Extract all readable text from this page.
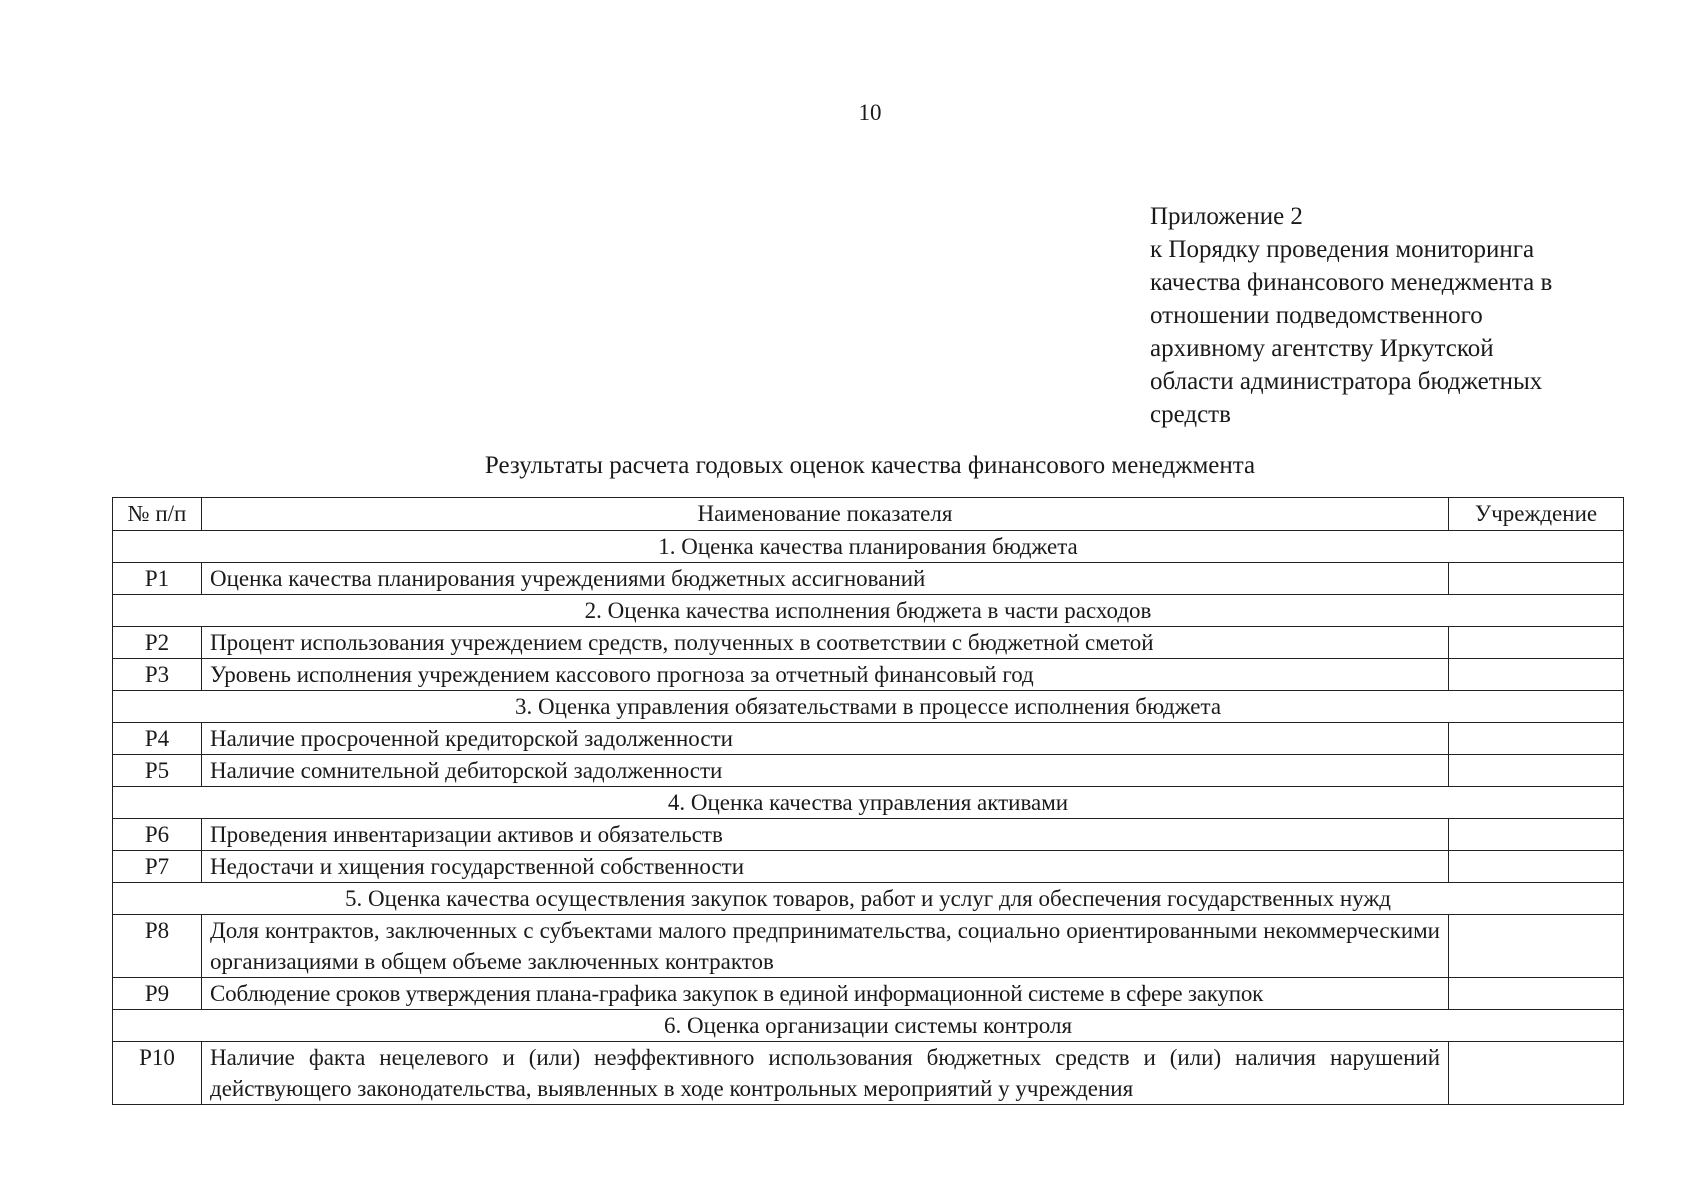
10
Приложение 2
к Порядку проведения мониторинга
качества финансового менеджмента в
отношении подведомственного
архивному агентству Иркутской
области администратора бюджетных
средств
Результаты расчета годовых оценок качества финансового менеджмента
№ п/п	Наименование показателя	Учреждение
1. Оценка качества планирования бюджета		
P1	Оценка качества планирования учреждениями бюджетных ассигнований	
2. Оценка качества исполнения бюджета в части расходов		
P2	Процент использования учреждением средств, полученных в соответствии с бюджетной сметой	
P3	Уровень исполнения учреждением кассового прогноза за отчетный финансовый год	
3. Оценка управления обязательствами в процессе исполнения бюджета		
P4	Наличие просроченной кредиторской задолженности	
P5	Наличие сомнительной дебиторской задолженности	
4. Оценка качества управления активами		
P6	Проведения инвентаризации активов и обязательств	
P7	Недостачи и хищения государственной собственности	
5. Оценка качества осуществления закупок товаров, работ и услуг для обеспечения государственных нужд		
P8	Доля контрактов, заключенных с субъектами малого предпринимательства, социально ориентированными некоммерческими организациями в общем объеме заключенных контрактов	
P9	Соблюдение сроков утверждения плана-графика закупок в единой информационной системе в сфере закупок	
6. Оценка организации системы контроля		
P10	Наличие факта нецелевого и (или) неэффективного использования бюджетных средств и (или) наличия нарушений действующего законодательства, выявленных в ходе контрольных мероприятий у учреждения	
